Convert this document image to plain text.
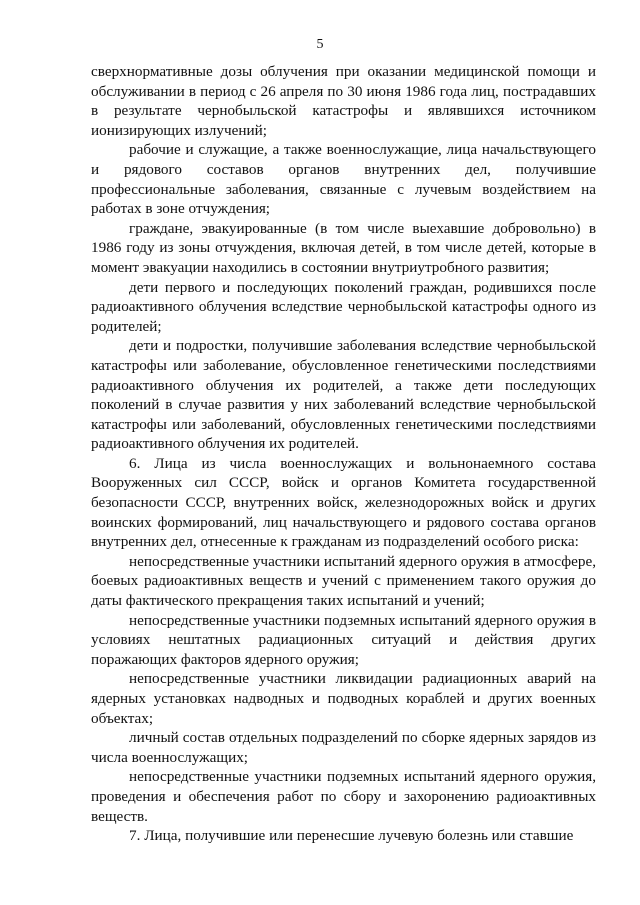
5

сверхнормативные дозы облучения при оказании медицинской помощи и обслуживании в период с 26 апреля по 30 июня 1986 года лиц, пострадавших в результате чернобыльской катастрофы и являвшихся источником ионизирующих излучений;

рабочие и служащие, а также военнослужащие, лица начальствующего и рядового составов органов внутренних дел, получившие профессиональные заболевания, связанные с лучевым воздействием на работах в зоне отчуждения;

граждане, эвакуированные (в том числе выехавшие добровольно) в 1986 году из зоны отчуждения, включая детей, в том числе детей, которые в момент эвакуации находились в состоянии внутриутробного развития;

дети первого и последующих поколений граждан, родившихся после радиоактивного облучения вследствие чернобыльской катастрофы одного из родителей;

дети и подростки, получившие заболевания вследствие чернобыльской катастрофы или заболевание, обусловленное генетическими последствиями радиоактивного облучения их родителей, а также дети последующих поколений в случае развития у них заболеваний вследствие чернобыльской катастрофы или заболеваний, обусловленных генетическими последствиями радиоактивного облучения их родителей.

6. Лица из числа военнослужащих и вольнонаемного состава Вооруженных сил СССР, войск и органов Комитета государственной безопасности СССР, внутренних войск, железнодорожных войск и других воинских формирований, лиц начальствующего и рядового состава органов внутренних дел, отнесенные к гражданам из подразделений особого риска:

непосредственные участники испытаний ядерного оружия в атмосфере, боевых радиоактивных веществ и учений с применением такого оружия до даты фактического прекращения таких испытаний и учений;

непосредственные участники подземных испытаний ядерного оружия в условиях нештатных радиационных ситуаций и действия других поражающих факторов ядерного оружия;

непосредственные участники ликвидации радиационных аварий на ядерных установках надводных и подводных кораблей и других военных объектах;

личный состав отдельных подразделений по сборке ядерных зарядов из числа военнослужащих;

непосредственные участники подземных испытаний ядерного оружия, проведения и обеспечения работ по сбору и захоронению радиоактивных веществ.

7. Лица, получившие или перенесшие лучевую болезнь или ставшие
